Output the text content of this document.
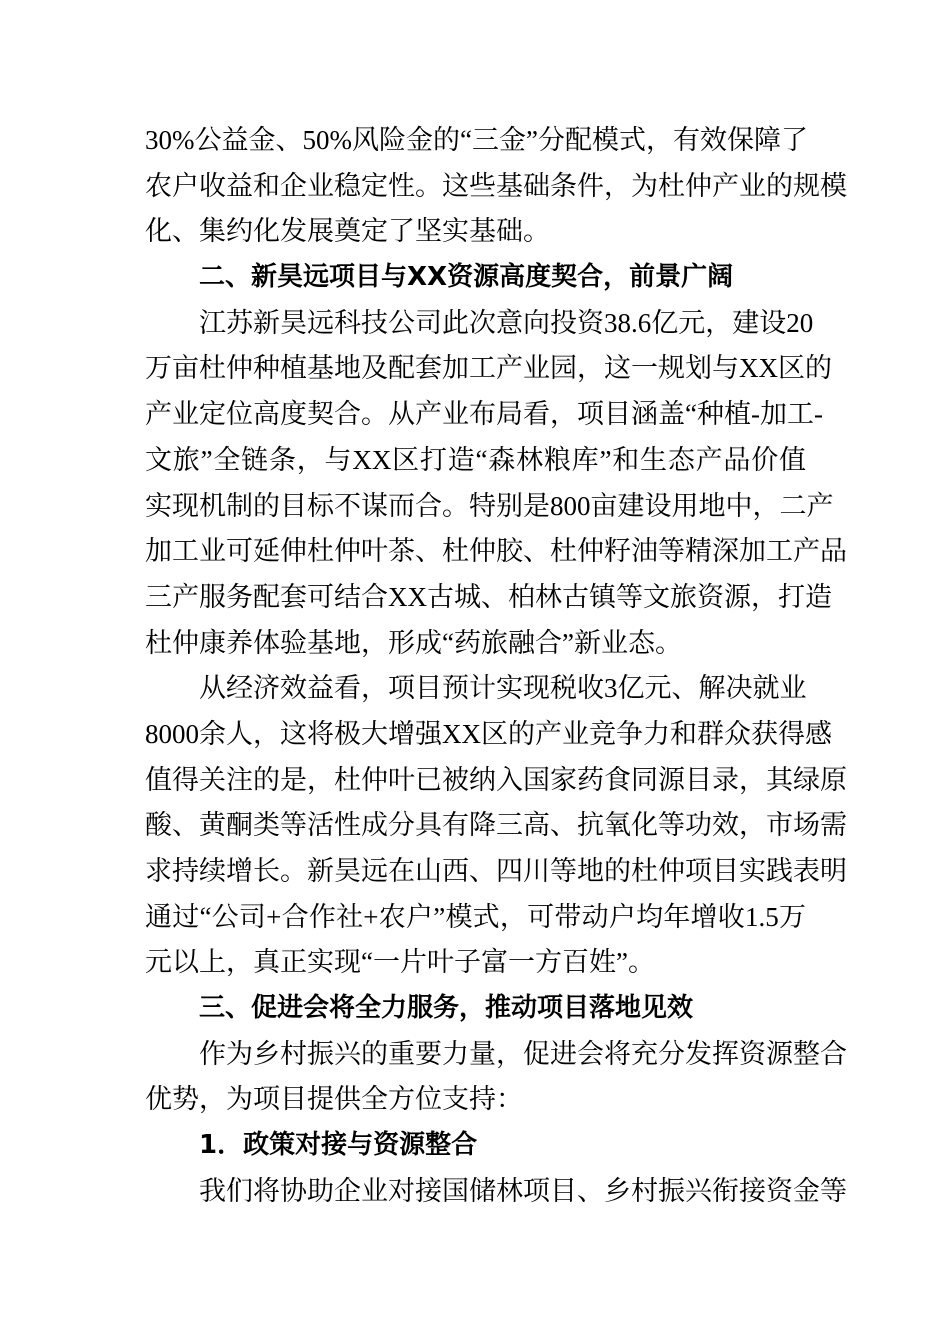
30%公益金、50%风险金的“三金”分配模式，有效保障了
农户收益和企业稳定性。这些基础条件，为杜仲产业的规模
化、集约化发展奠定了坚实基础。
二、新昊远项目与XX资源高度契合，前景广阔
江苏新昊远科技公司此次意向投资38.6亿元，建设20
万亩杜仲种植基地及配套加工产业园，这一规划与XX区的
产业定位高度契合。从产业布局看，项目涵盖“种植-加工-
文旅”全链条，与XX区打造“森林粮库”和生态产品价值
实现机制的目标不谋而合。特别是800亩建设用地中，二产
加工业可延伸杜仲叶茶、杜仲胶、杜仲籽油等精深加工产品
三产服务配套可结合XX古城、柏林古镇等文旅资源，打造
杜仲康养体验基地，形成“药旅融合”新业态。
从经济效益看，项目预计实现税收3亿元、解决就业
8000余人，这将极大增强XX区的产业竞争力和群众获得感
值得关注的是，杜仲叶已被纳入国家药食同源目录，其绿原
酸、黄酮类等活性成分具有降三高、抗氧化等功效，市场需
求持续增长。新昊远在山西、四川等地的杜仲项目实践表明
通过“公司+合作社+农户”模式，可带动户均年增收1.5万
元以上，真正实现“一片叶子富一方百姓”。
三、促进会将全力服务，推动项目落地见效
作为乡村振兴的重要力量，促进会将充分发挥资源整合
优势，为项目提供全方位支持：
1．政策对接与资源整合
我们将协助企业对接国储林项目、乡村振兴衔接资金等
